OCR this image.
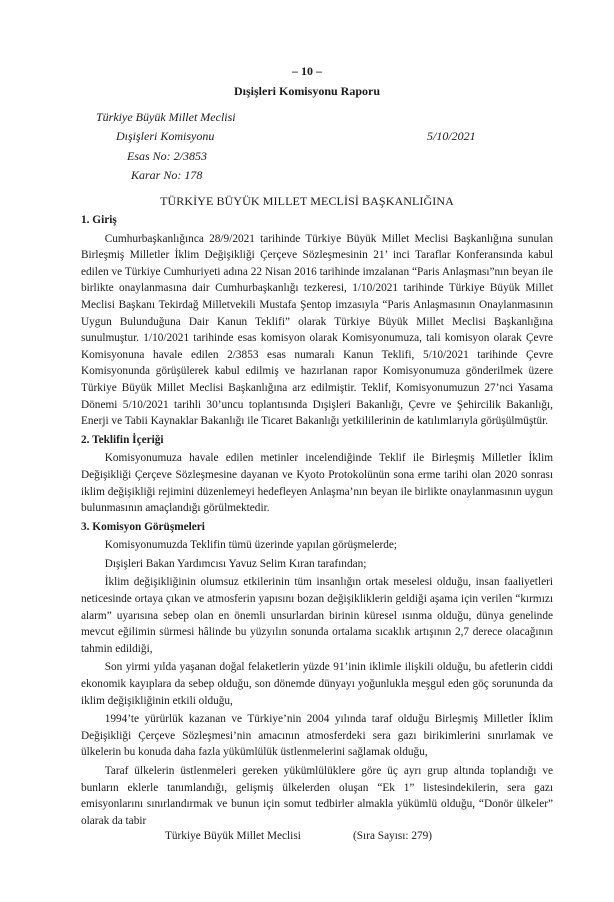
– 10 –
Dışişleri Komisyonu Raporu
Türkiye Büyük Millet Meclisi
Dışişleri Komisyonu	5/10/2021
Esas No: 2/3853
Karar No: 178
TÜRKİYE BÜYÜK MILLET MECLİSİ BAŞKANLIĞINA

1. Giriş

Cumhurbaşkanlığınca 28/9/2021 tarihinde Türkiye Büyük Millet Meclisi Başkanlığına sunulan Birleşmiş Milletler İklim Değişikliği Çerçeve Sözleşmesinin 21’ inci Taraflar Konferansında kabul edilen ve Türkiye Cumhuriyeti adına 22 Nisan 2016 tarihinde imzalanan “Paris Anlaşması”nın beyan ile birlikte onaylanmasına dair Cumhurbaşkanlığı tezkeresi, 1/10/2021 tarihinde Türkiye Büyük Millet Meclisi Başkanı Tekirdağ Milletvekili Mustafa Şentop imzasıyla “Paris Anlaşmasının Onaylanmasının Uygun Bulunduğuna Dair Kanun Teklifi” olarak Türkiye Büyük Millet Meclisi Başkanlığına sunulmuştur. 1/10/2021 tarihinde esas komisyon olarak Komisyonumuza, tali komisyon olarak Çevre Komisyonuna havale edilen 2/3853 esas numaralı Kanun Teklifi, 5/10/2021 tarihinde Çevre Komisyonunda görüşülerek kabul edilmiş ve hazırlanan rapor Komisyonumuza gönderilmek üzere Türkiye Büyük Millet Meclisi Başkanlığına arz edilmiştir. Teklif, Komisyonumuzun 27’nci Yasama Dönemi 5/10/2021 tarihli 30’uncu toplantısında Dışişleri Bakanlığı, Çevre ve Şehircilik Bakanlığı, Enerji ve Tabii Kaynaklar Bakanlığı ile Ticaret Bakanlığı yetkililerinin de katılımlarıyla görüşülmüştür.

2. Teklifin İçeriği

Komisyonumuza havale edilen metinler incelendiğinde Teklif ile Birleşmiş Milletler İklim Değişikliği Çerçeve Sözleşmesine dayanan ve Kyoto Protokolünün sona erme tarihi olan 2020 sonrası iklim değişikliği rejimini düzenlemeyi hedefleyen Anlaşma’nın beyan ile birlikte onaylanmasının uygun bulunmasının amaçlandığı görülmektedir.

3. Komisyon Görüşmeleri

Komisyonumuzda Teklifin tümü üzerinde yapılan görüşmelerde;

Dışişleri Bakan Yardımcısı Yavuz Selim Kıran tarafından;

İklim değişikliğinin olumsuz etkilerinin tüm insanlığın ortak meselesi olduğu, insan faaliyetleri neticesinde ortaya çıkan ve atmosferin yapısını bozan değişikliklerin geldiği aşama için verilen “kırmızı alarm” uyarısına sebep olan en önemli unsurlardan birinin küresel ısınma olduğu, dünya genelinde mevcut eğilimin sürmesi hâlinde bu yüzyılın sonunda ortalama sıcaklık artışının 2,7 derece olacağının tahmin edildiği,

Son yirmi yılda yaşanan doğal felaketlerin yüzde 91’inin iklimle ilişkili olduğu, bu afetlerin ciddi ekonomik kayıplara da sebep olduğu, son dönemde dünyayı yoğunlukla meşgul eden göç sorununda da iklim değişikliğinin etkili olduğu,

1994’te yürürlük kazanan ve Türkiye’nin 2004 yılında taraf olduğu Birleşmiş Milletler İklim Değişikliği Çerçeve Sözleşmesi’nin amacının atmosferdeki sera gazı birikimlerini sınırlamak ve ülkelerin bu konuda daha fazla yükümlülük üstlenmelerini sağlamak olduğu,

Taraf ülkelerin üstlenmeleri gereken yükümlülüklere göre üç ayrı grup altında toplandığı ve bunların eklerle tanımlandığı, gelişmiş ülkelerden oluşan “Ek 1” listesindekilerin, sera gazı emisyonlarını sınırlandırmak ve bunun için somut tedbirler almakla yükümlü olduğu, “Donör ülkeler” olarak da tabir

Türkiye Büyük Millet Meclisi	(Sıra Sayısı: 279)
